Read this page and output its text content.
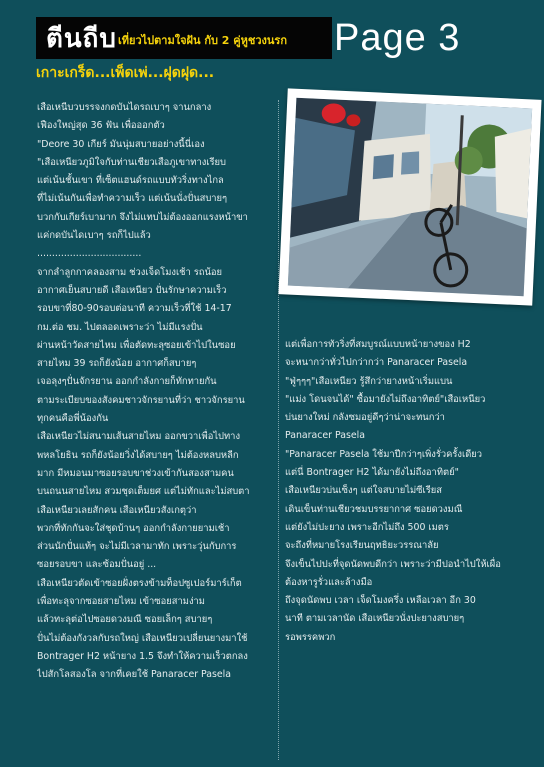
ตีนถีบ เที่ยวไปตามใจฝัน กับ 2 คู่หูชวงนรก Page 3
เกาะเกร็ด...เพ็ดเพ่...ฝุดฝุด...
เสือเหนีบวบรรจงกดบันไดรถเบาๆ จานกลาง
เฟืองใหญ่สุด 36 ฟัน เพื่อออกตัว
"Deore 30 เกียร์ มันนุ่มสบายอย่างนี้นี่เอง
"เสือเหนียวภูมิใจกับท่านเชียวเสือภูเขาทางเรียบ
แต่เน้นชั้นเขา ที่เซ็ตแฮนด์รถแบบทัวริ่งทางไกล
ที่ไม่เน้นกันเพื่อทำความเร็ว แต่เน้นนั่งปั่นสบายๆ
บวกกับเกียร์เบามาก จึงไม่แทบไม่ต้องออกแรงหน้าขา
แค่กดบันไดเบาๆ รถก็ไปแล้ว
...................................
จากลำลูกกาคลองสาม ช่วงเจ็ดโมงเช้า รถน้อย
อากาศเย็นสบายดี เสือเหนียว ปั่นรักษาความเร็ว
รอบขาที่80-90รอบต่อนาที ความเร็วที่ใช้ 14-17
กม.ต่อ ชม. ไปตลอดเพราะว่า ไม่มีแรงปั่น
ผ่านหน้าวัดสายไหม เพื่อตัดทะลุซอยเข้าไปในซอย
สายไหม 39 รถก็ยังน้อย อากาศก็สบายๆ
เจอลุงๆปั่นจักรยาน ออกกำลังกายก็ทักทายกัน
ตามระเบียบของสังคมชาวจักรยานที่ว่า ชาวจักรยาน
ทุกคนคือพี่น้องกัน
เสือเหนียวไม่สนามเส้นสายไหม ออกขวาเพื่อไปทาง
พหลโยธิน รถก็ยังน้อยวิ่งได้สบายๆ ไม่ต้องหลบหลีก
มาก มีหมอนมาซอยรอบขาช่วงเข้ากันสองสามคน
บนถนนสายไหม สวมชุดเต็มยศ แต่ไม่ทักและไม่สบตา
เสือเหนียวเลยสักคน เสือเหนียวสังเกตุว่า
พวกที่ทักกันจะใส่ชุดบ้านๆ ออกกำลังกายยามเช้า
ส่วนนักปั่นแท้ๆ จะไม่มีเวลามาทัก เพราะวุ่นกับการ
ซอยรอบขา และซ้อมปั่นอยู่ ...
เสือเหนียวตัดเข้าซอยฝั่งตรงข้ามท็อปซูเปอร์มาร์เก็ต
เพื่อทะลุจากซอยสายไหม เข้าซอยสามง่าม
แล้วทะลุต่อไปซอยดวงมณี ซอยเล็กๆ สบายๆ
ปั่นไม่ต้องกังวลกับรถใหญ่ เสือเหนียวเปลี่ยนยางมาใช้
Bontrager H2 หน้ายาง 1.5 จึงทำให้ความเร็วตกลง
ไปสักโลสองโล จากที่เคยใช้ Panaracer Pasela
แต่เพื่อการทัวริ่งที่สมบูรณ์แบบหน้ายางของ H2
จะหนากว่าทั่วไปกว่ากว่า Panaracer Pasela
"ฟู่ๆๆๆ"เสือเหนียว รู้สึกว่ายางหน้าเริ่มแบน
"แม่ง โดนจนได้" ซื้อมายังไม่ถึงอาทิตย์"เสือเหนียว
บ่นยางใหม่ กลังซมอยู่ดีๆว่าน่าจะทนกว่า
Panaracer Pasela
"Panaracer Pasela ใช้มาปีกว่าๆเพิ่งรั่วครั้งเดียว
แต่นี่ Bontrager H2 ได้มายังไม่ถึงอาทิตย์"
เสือเหนียวบ่นเซ็งๆ แต่ใจสบายไม่ซีเรียส
เดินเข็นท่านเชียวชมบรรยากาศ ซอยดวงมณี
แต่ยังไม่ปะยาง เพราะอีกไม่ถึง 500 เมตร
จะถึงที่หมายโรงเรียนฤทธิยะวรรณาลัย
จึงเข็นไปปะที่จุดนัดพบดีกว่า เพราะว่ามีปอนำไปให้เผื่อ
ต้องหารูรั่วและล้างมือ
ถึงจุดนัดพบ เวลา เจ็ดโมงครึ่ง เหลือเวลา อีก 30
นาที ตามเวลานัด เสือเหนียวนั่งปะยางสบายๆ
รอพรรคพวก
